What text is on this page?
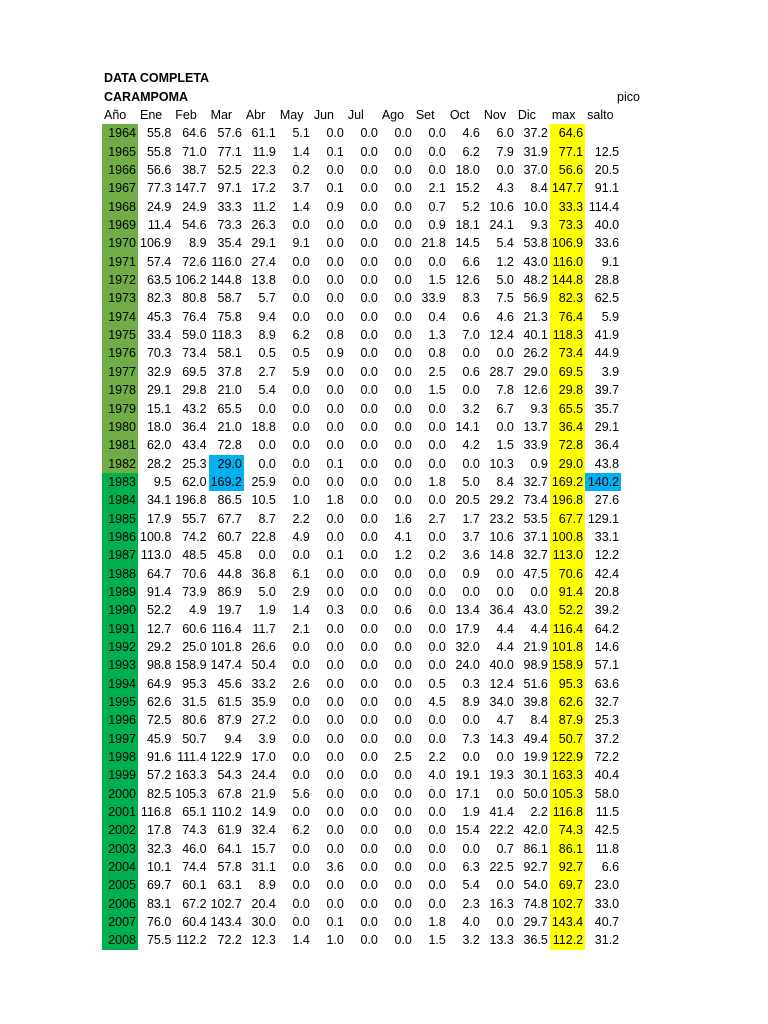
DATA COMPLETA
CARAMPOMA	pico
Año	Ene	Feb	Mar	Abr	May	Jun	Jul	Ago	Set	Oct	Nov	Dic	max	salto
1964	55.8	64.6	57.6	61.1	5.1	0.0	0.0	0.0	0.0	4.6	6.0	37.2	64.6	
1965	55.8	71.0	77.1	11.9	1.4	0.1	0.0	0.0	0.0	6.2	7.9	31.9	77.1	12.5
1966	56.6	38.7	52.5	22.3	0.2	0.0	0.0	0.0	0.0	18.0	0.0	37.0	56.6	20.5
1967	77.3	147.7	97.1	17.2	3.7	0.1	0.0	0.0	2.1	15.2	4.3	8.4	147.7	91.1
1968	24.9	24.9	33.3	11.2	1.4	0.9	0.0	0.0	0.7	5.2	10.6	10.0	33.3	114.4
1969	11.4	54.6	73.3	26.3	0.0	0.0	0.0	0.0	0.9	18.1	24.1	9.3	73.3	40.0
1970	106.9	8.9	35.4	29.1	9.1	0.0	0.0	0.0	21.8	14.5	5.4	53.8	106.9	33.6
1971	57.4	72.6	116.0	27.4	0.0	0.0	0.0	0.0	0.0	6.6	1.2	43.0	116.0	9.1
1972	63.5	106.2	144.8	13.8	0.0	0.0	0.0	0.0	1.5	12.6	5.0	48.2	144.8	28.8
1973	82.3	80.8	58.7	5.7	0.0	0.0	0.0	0.0	33.9	8.3	7.5	56.9	82.3	62.5
1974	45.3	76.4	75.8	9.4	0.0	0.0	0.0	0.0	0.4	0.6	4.6	21.3	76.4	5.9
1975	33.4	59.0	118.3	8.9	6.2	0.8	0.0	0.0	1.3	7.0	12.4	40.1	118.3	41.9
1976	70.3	73.4	58.1	0.5	0.5	0.9	0.0	0.0	0.8	0.0	0.0	26.2	73.4	44.9
1977	32.9	69.5	37.8	2.7	5.9	0.0	0.0	0.0	2.5	0.6	28.7	29.0	69.5	3.9
1978	29.1	29.8	21.0	5.4	0.0	0.0	0.0	0.0	1.5	0.0	7.8	12.6	29.8	39.7
1979	15.1	43.2	65.5	0.0	0.0	0.0	0.0	0.0	0.0	3.2	6.7	9.3	65.5	35.7
1980	18.0	36.4	21.0	18.8	0.0	0.0	0.0	0.0	0.0	14.1	0.0	13.7	36.4	29.1
1981	62.0	43.4	72.8	0.0	0.0	0.0	0.0	0.0	0.0	4.2	1.5	33.9	72.8	36.4
1982	28.2	25.3	29.0	0.0	0.0	0.1	0.0	0.0	0.0	0.0	10.3	0.9	29.0	43.8
1983	9.5	62.0	169.2	25.9	0.0	0.0	0.0	0.0	1.8	5.0	8.4	32.7	169.2	140.2
1984	34.1	196.8	86.5	10.5	1.0	1.8	0.0	0.0	0.0	20.5	29.2	73.4	196.8	27.6
1985	17.9	55.7	67.7	8.7	2.2	0.0	0.0	1.6	2.7	1.7	23.2	53.5	67.7	129.1
1986	100.8	74.2	60.7	22.8	4.9	0.0	0.0	4.1	0.0	3.7	10.6	37.1	100.8	33.1
1987	113.0	48.5	45.8	0.0	0.0	0.1	0.0	1.2	0.2	3.6	14.8	32.7	113.0	12.2
1988	64.7	70.6	44.8	36.8	6.1	0.0	0.0	0.0	0.0	0.9	0.0	47.5	70.6	42.4
1989	91.4	73.9	86.9	5.0	2.9	0.0	0.0	0.0	0.0	0.0	0.0	0.0	91.4	20.8
1990	52.2	4.9	19.7	1.9	1.4	0.3	0.0	0.6	0.0	13.4	36.4	43.0	52.2	39.2
1991	12.7	60.6	116.4	11.7	2.1	0.0	0.0	0.0	0.0	17.9	4.4	4.4	116.4	64.2
1992	29.2	25.0	101.8	26.6	0.0	0.0	0.0	0.0	0.0	32.0	4.4	21.9	101.8	14.6
1993	98.8	158.9	147.4	50.4	0.0	0.0	0.0	0.0	0.0	24.0	40.0	98.9	158.9	57.1
1994	64.9	95.3	45.6	33.2	2.6	0.0	0.0	0.0	0.5	0.3	12.4	51.6	95.3	63.6
1995	62.6	31.5	61.5	35.9	0.0	0.0	0.0	0.0	4.5	8.9	34.0	39.8	62.6	32.7
1996	72.5	80.6	87.9	27.2	0.0	0.0	0.0	0.0	0.0	0.0	4.7	8.4	87.9	25.3
1997	45.9	50.7	9.4	3.9	0.0	0.0	0.0	0.0	0.0	7.3	14.3	49.4	50.7	37.2
1998	91.6	111.4	122.9	17.0	0.0	0.0	0.0	2.5	2.2	0.0	0.0	19.9	122.9	72.2
1999	57.2	163.3	54.3	24.4	0.0	0.0	0.0	0.0	4.0	19.1	19.3	30.1	163.3	40.4
2000	82.5	105.3	67.8	21.9	5.6	0.0	0.0	0.0	0.0	17.1	0.0	50.0	105.3	58.0
2001	116.8	65.1	110.2	14.9	0.0	0.0	0.0	0.0	0.0	1.9	41.4	2.2	116.8	11.5
2002	17.8	74.3	61.9	32.4	6.2	0.0	0.0	0.0	0.0	15.4	22.2	42.0	74.3	42.5
2003	32.3	46.0	64.1	15.7	0.0	0.0	0.0	0.0	0.0	0.0	0.7	86.1	86.1	11.8
2004	10.1	74.4	57.8	31.1	0.0	3.6	0.0	0.0	0.0	6.3	22.5	92.7	92.7	6.6
2005	69.7	60.1	63.1	8.9	0.0	0.0	0.0	0.0	0.0	5.4	0.0	54.0	69.7	23.0
2006	83.1	67.2	102.7	20.4	0.0	0.0	0.0	0.0	0.0	2.3	16.3	74.8	102.7	33.0
2007	76.0	60.4	143.4	30.0	0.0	0.1	0.0	0.0	1.8	4.0	0.0	29.7	143.4	40.7
2008	75.5	112.2	72.2	12.3	1.4	1.0	0.0	0.0	1.5	3.2	13.3	36.5	112.2	31.2
